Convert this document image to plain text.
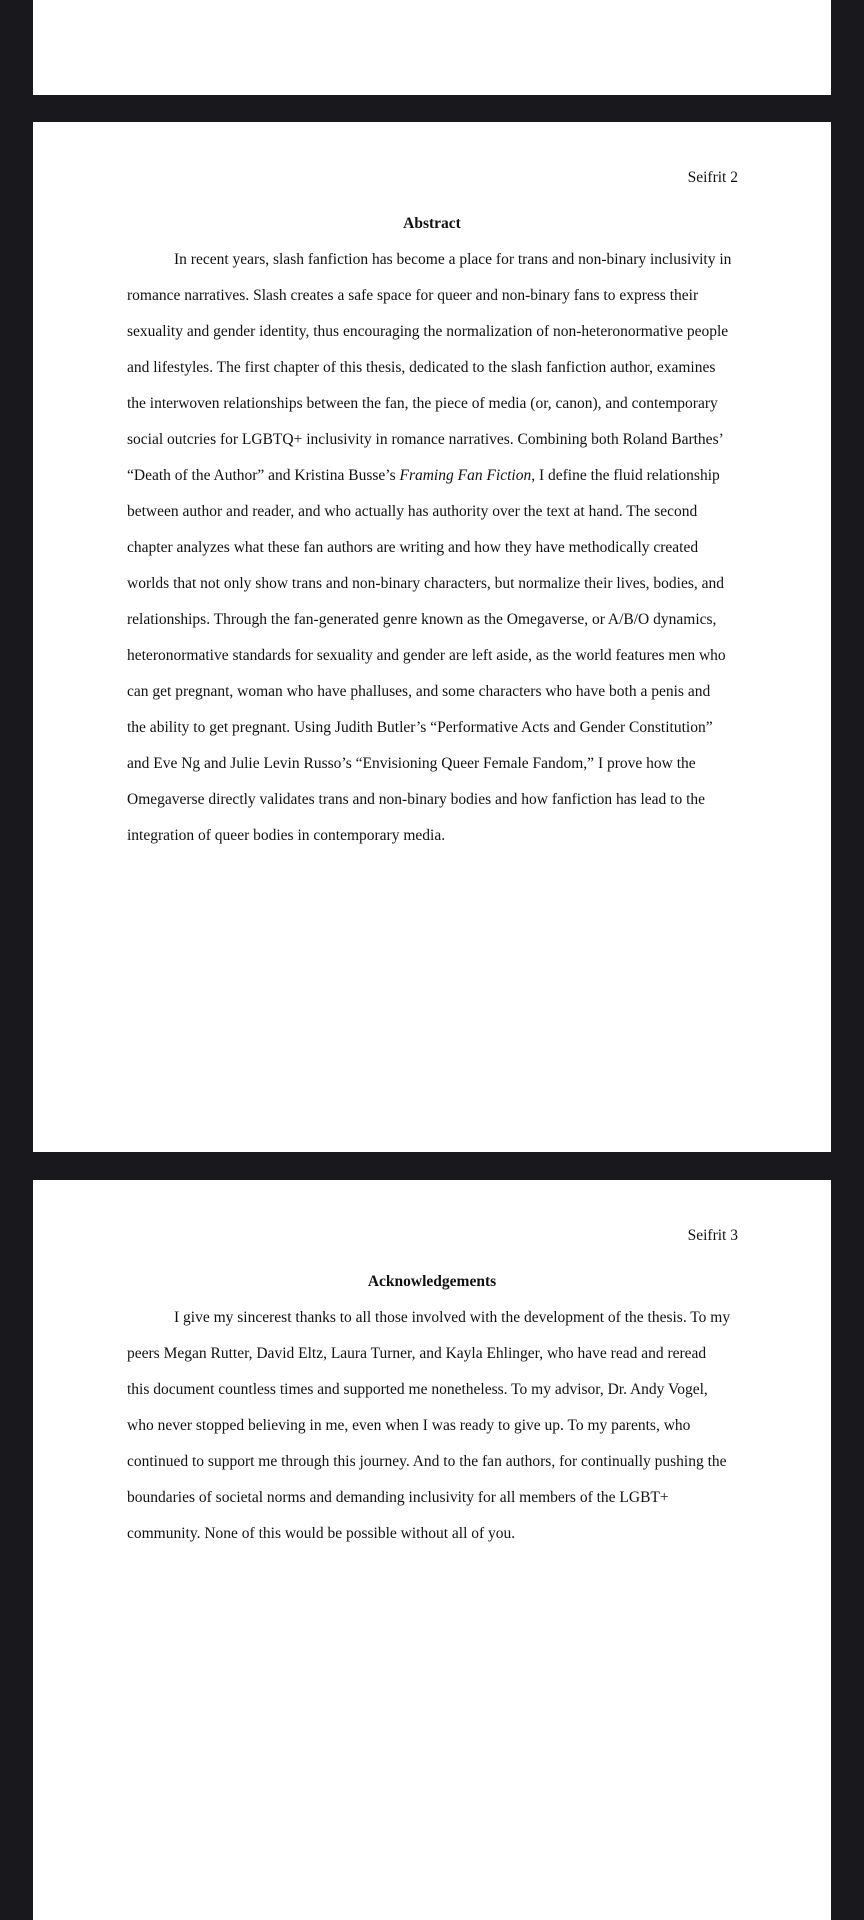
Seifrit 2
Abstract
In recent years, slash fanfiction has become a place for trans and non-binary inclusivity in
romance narratives. Slash creates a safe space for queer and non-binary fans to express their
sexuality and gender identity, thus encouraging the normalization of non-heteronormative people
and lifestyles. The first chapter of this thesis, dedicated to the slash fanfiction author, examines
the interwoven relationships between the fan, the piece of media (or, canon), and contemporary
social outcries for LGBTQ+ inclusivity in romance narratives. Combining both Roland Barthes’
“Death of the Author” and Kristina Busse’s Framing Fan Fiction, I define the fluid relationship
between author and reader, and who actually has authority over the text at hand. The second
chapter analyzes what these fan authors are writing and how they have methodically created
worlds that not only show trans and non-binary characters, but normalize their lives, bodies, and
relationships. Through the fan-generated genre known as the Omegaverse, or A/B/O dynamics,
heteronormative standards for sexuality and gender are left aside, as the world features men who
can get pregnant, woman who have phalluses, and some characters who have both a penis and
the ability to get pregnant. Using Judith Butler’s “Performative Acts and Gender Constitution”
and Eve Ng and Julie Levin Russo’s “Envisioning Queer Female Fandom,” I prove how the
Omegaverse directly validates trans and non-binary bodies and how fanfiction has lead to the
integration of queer bodies in contemporary media.
Seifrit 3
Acknowledgements
I give my sincerest thanks to all those involved with the development of the thesis. To my
peers Megan Rutter, David Eltz, Laura Turner, and Kayla Ehlinger, who have read and reread
this document countless times and supported me nonetheless. To my advisor, Dr. Andy Vogel,
who never stopped believing in me, even when I was ready to give up. To my parents, who
continued to support me through this journey. And to the fan authors, for continually pushing the
boundaries of societal norms and demanding inclusivity for all members of the LGBT+
community. None of this would be possible without all of you.
